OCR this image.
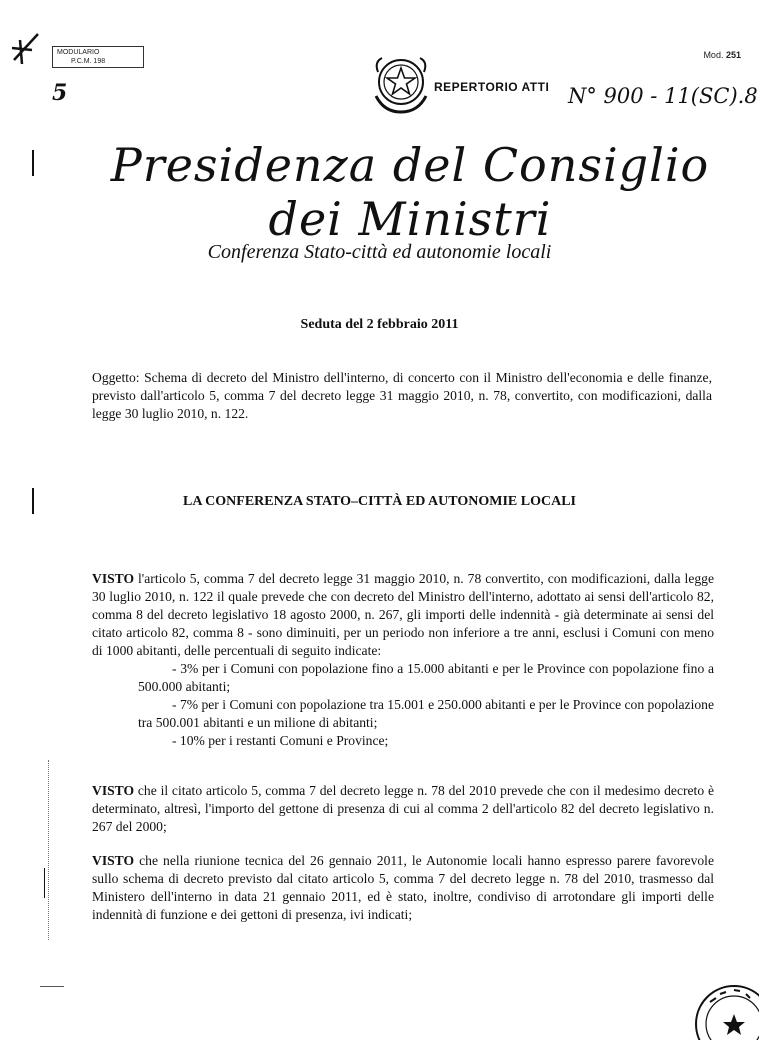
5
MODULARIO
P.C.M. 198
Mod. 251
REPERTORIO ATTI N° 900 - 11(SC).8
Presidenza del Consiglio dei Ministri
Conferenza Stato-città ed autonomie locali
Seduta del 2 febbraio 2011
Oggetto: Schema di decreto del Ministro dell'interno, di concerto con il Ministro dell'economia e delle finanze, previsto dall'articolo 5, comma 7 del decreto legge 31 maggio 2010, n. 78, convertito, con modificazioni, dalla legge 30 luglio 2010, n. 122.
LA CONFERENZA STATO–CITTÀ ED AUTONOMIE LOCALI
VISTO l'articolo 5, comma 7 del decreto legge 31 maggio 2010, n. 78 convertito, con modificazioni, dalla legge 30 luglio 2010, n. 122 il quale prevede che con decreto del Ministro dell'interno, adottato ai sensi dell'articolo 82, comma 8 del decreto legislativo 18 agosto 2000, n. 267, gli importi delle indennità - già determinate ai sensi del citato articolo 82, comma 8 - sono diminuiti, per un periodo non inferiore a tre anni, esclusi i Comuni con meno di 1000 abitanti, delle percentuali di seguito indicate:
- 3% per i Comuni con popolazione fino a 15.000 abitanti e per le Province con popolazione fino a 500.000 abitanti;
- 7% per i Comuni con popolazione tra 15.001 e 250.000 abitanti e per le Province con popolazione tra 500.001 abitanti e un milione di abitanti;
- 10% per i restanti Comuni e Province;
VISTO che il citato articolo 5, comma 7 del decreto legge n. 78 del 2010 prevede che con il medesimo decreto è determinato, altresì, l'importo del gettone di presenza di cui al comma 2 dell'articolo 82 del decreto legislativo n. 267 del 2000;
VISTO che nella riunione tecnica del 26 gennaio 2011, le Autonomie locali hanno espresso parere favorevole sullo schema di decreto previsto dal citato articolo 5, comma 7 del decreto legge n. 78 del 2010, trasmesso dal Ministero dell'interno in data 21 gennaio 2011, ed è stato, inoltre, condiviso di arrotondare gli importi delle indennità di funzione e dei gettoni di presenza, ivi indicati;
